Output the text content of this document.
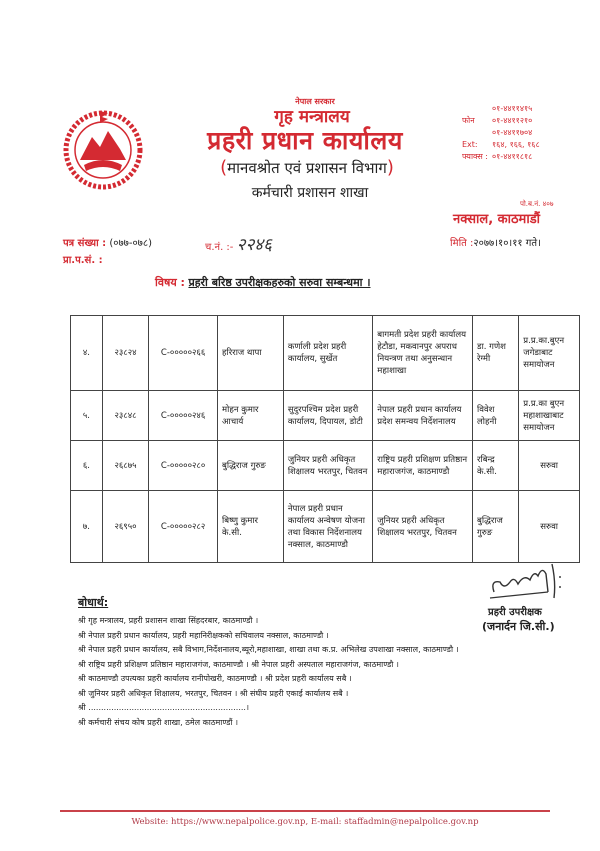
नेपाल सरकार
गृह मन्त्रालय
प्रहरी प्रधान कार्यालय
(मानवश्रोत एवं प्रशासन विभाग)
कर्मचारी प्रशासन शाखा
०१-४४११४१५
फोन ०१-४४११२१०
०१-४४११७०४
Ext: १६४, १६६, १६८
फ्याक्स : ०१-४४११८१८
पो.ब.नं. ४०७
नक्साल, काठमाडौं
पत्र संख्या : (०७७-०७८)	च.नं. :- २२४६	मिति :२०७७।१०।११ गते।
प्रा.प.सं. :
विषय : प्रहरी बरिष्ठ उपरीक्षकहरुको सरुवा सम्बन्धमा ।
४.	२३८२४	C-०००००२६६	हरिराज थापा	कर्णाली प्रदेश प्रहरी कार्यालय, सुर्खेत	बागमती प्रदेश प्रहरी कार्यालय हेटौडा, मकवानपुर अपराध नियन्त्रण तथा अनुसन्धान महाशाखा	डा. गणेश रेग्मी	प्र.प्र.का.बुएन जगेडाबाट समायोजन
५.	२३८४८	C-०००००२४६	मोहन कुमार आचार्य	सुदुरपश्चिम प्रदेश प्रहरी कार्यालय, दिपायल, डोटी	नेपाल प्रहरी प्रधान कार्यालय प्रदेश समन्वय निर्देशनालय	विवेश लोहनी	प्र.प्र.का बुएन महाशाखाबाट समायोजन
६.	२६८७५	C-०००००२८०	बुद्धिराज गुरुङ	जुनियर प्रहरी अधिकृत शिक्षालय भरतपुर, चितवन	राष्ट्रिय प्रहरी प्रशिक्षण प्रतिष्ठान महाराजगंज, काठमाण्डौ	रबिन्द्र के.सी.	सरुवा
७.	२६९५०	C-०००००२८२	बिष्णु कुमार के.सी.	नेपाल प्रहरी प्रधान कार्यालय अन्वेषण योजना तथा विकास निर्देशनालय नक्साल, काठमाण्डौ	जुनियर प्रहरी अधिकृत शिक्षालय भरतपुर, चितवन	बुद्धिराज गुरुङ	सरुवा
प्रहरी उपरीक्षक
(जनार्दन जि.सी.)
बोधार्थ:
श्री गृह मन्त्रालय, प्रहरी प्रशासन शाखा सिंहदरबार, काठमाण्डौ ।
श्री नेपाल प्रहरी प्रधान कार्यालय, प्रहरी महानिरीक्षकको सचिवालय नक्साल, काठमाण्डौ ।
श्री नेपाल प्रहरी प्रधान कार्यालय, सबै विभाग,निर्देशनालय,ब्यूरो,महाशाखा, शाखा तथा क.प्र. अभिलेख उपशाखा नक्साल, काठमाण्डौ ।
श्री राष्ट्रिय प्रहरी प्रशिक्षण प्रतिष्ठान महाराजगंज, काठमाण्डौ । श्री नेपाल प्रहरी अस्पताल महाराजगंज, काठमाण्डौ ।
श्री काठमाण्डौ उपत्यका प्रहरी कार्यालय रानीपोखरी, काठमाण्डौ । श्री प्रदेश प्रहरी कार्यालय सबै ।
श्री जुनियर प्रहरी अधिकृत शिक्षालय, भरतपुर, चितवन । श्री संघीय प्रहरी एकाई कार्यालय सबै ।
श्री ..............................................................।
श्री कर्मचारी संचय कोष प्रहरी शाखा, ठमेल काठमाण्डौं ।
Website: https://www.nepalpolice.gov.np, E-mail: staffadmin@nepalpolice.gov.np
